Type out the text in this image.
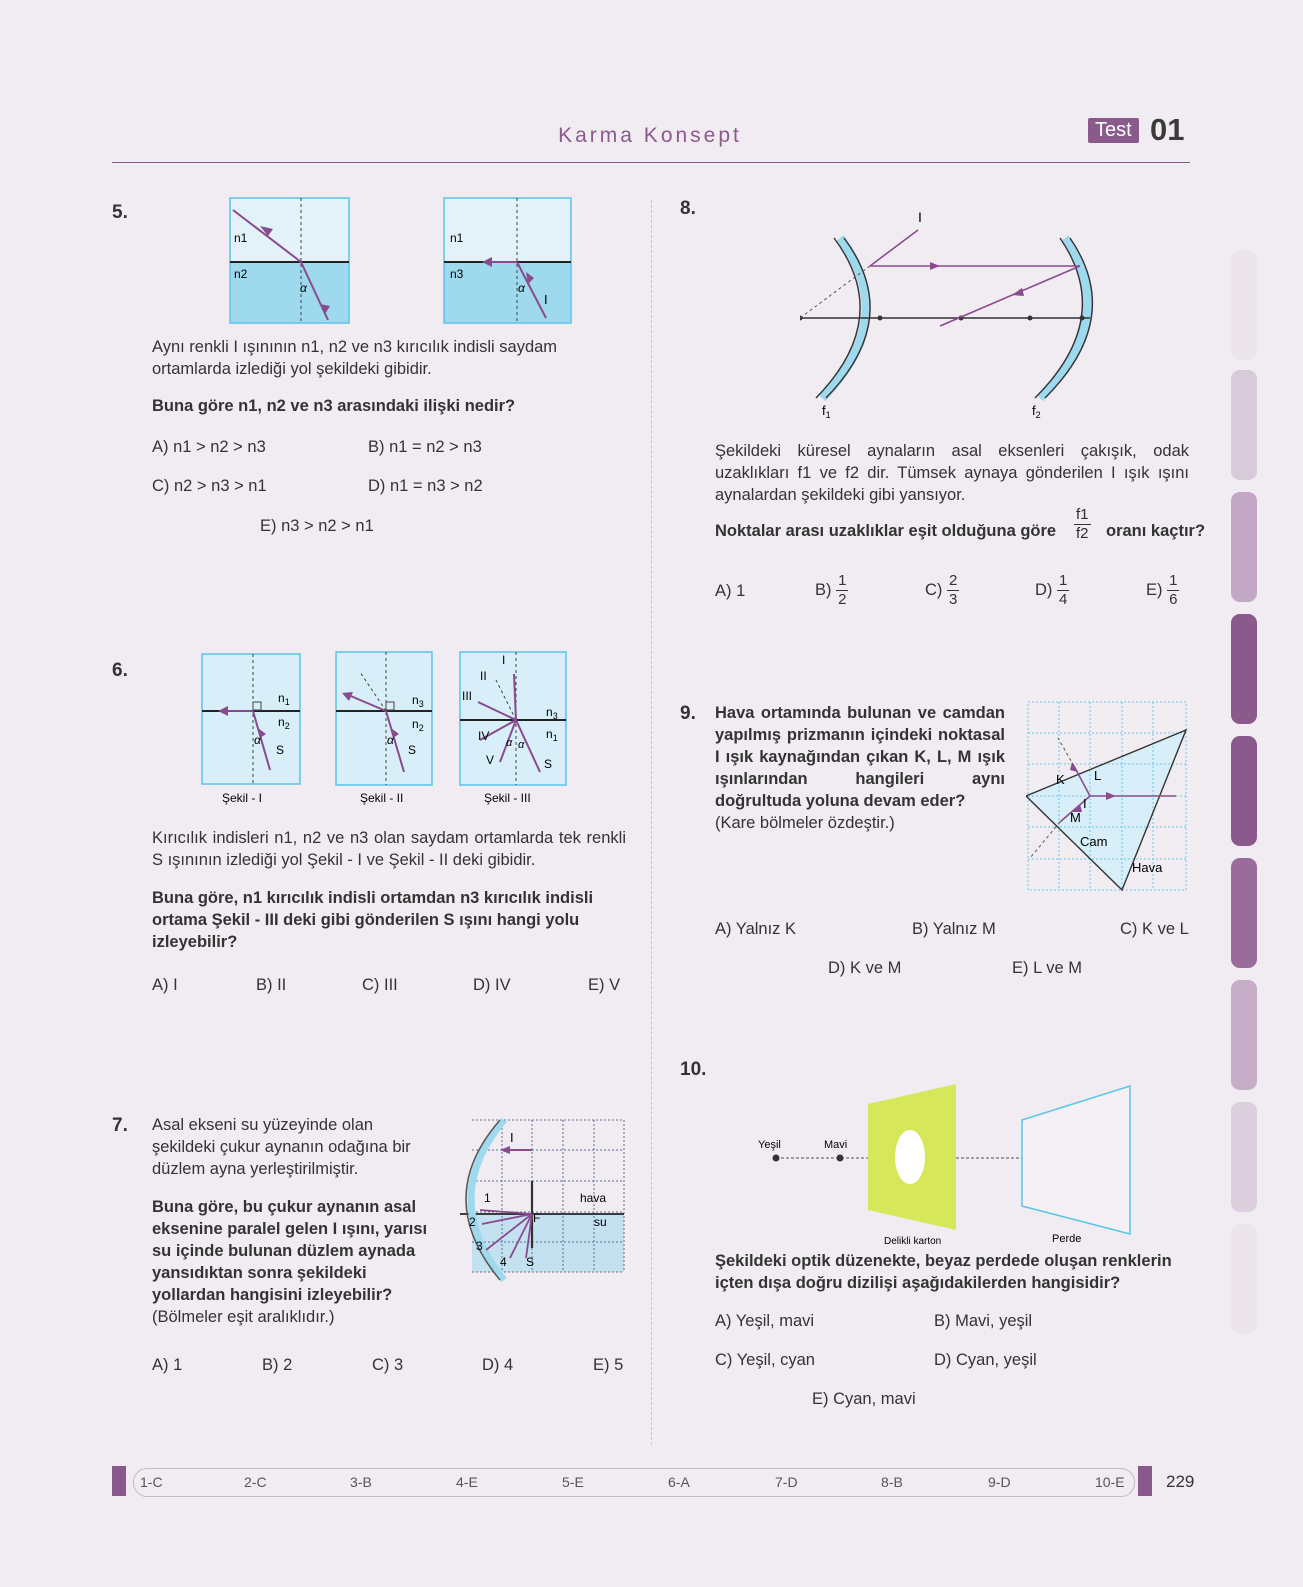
Karma Konsept	Test 01
5.
n1
n2
α
n1
n3
α
I
Aynı renkli I ışınının n1, n2 ve n3 kırıcılık indisli saydam ortamlarda izlediği yol şekildeki gibidir.
Buna göre n1, n2 ve n3 arasındaki ilişki nedir?
A) n1 > n2 > n3	B) n1 = n2 > n3
C) n2 > n3 > n1	D) n1 = n3 > n2
E) n3 > n2 > n1
6.
$n_1$
$n_2$
α
S
Şekil - I
$n_3$
$n_2$
α
S
Şekil - II
I
II
III
IV
V
$n_3$
$n_1$
α α
S
Şekil - III
Kırıcılık indisleri n1, n2 ve n3 olan saydam ortamlarda tek renkli S ışınının izlediği yol Şekil - I ve Şekil - II deki gibidir.
Buna göre, n1 kırıcılık indisli ortamdan n3 kırıcılık indisli ortama Şekil - III deki gibi gönderilen S ışını hangi yolu izleyebilir?
A) I	B) II	C) III	D) IV	E) V
7. Asal ekseni su yüzeyinde olan şekildeki çukur aynanın odağına bir düzlem ayna yerleştirilmiştir.
Buna göre, bu çukur aynanın asal eksenine paralel gelen I ışını, yarısı su içinde bulunan düzlem aynada yansıdıktan sonra şekildeki yollardan hangisini izleyebilir?
(Bölmeler eşit aralıklıdır.)
I
hava
su
F
S
1
2
3
4
A) 1	B) 2	C) 3	D) 4	E) 5
8.	I
$f_1$	$f_2$
Şekildeki küresel aynaların asal eksenleri çakışık, odak uzaklıkları f1 ve f2 dir. Tümsek aynaya gönderilen I ışık ışını aynalardan şekildeki gibi yansıyor.
Noktalar arası uzaklıklar eşit olduğuna göre $\frac{f1}{f2}$ oranı kaçtır?
A) 1	$B) \frac{1}{2}$	$C) \frac{2}{3}$	$D) \frac{1}{4}$	$E) \frac{1}{6}$
9. Hava ortamında bulunan ve camdan yapılmış prizmanın içindeki noktasal I ışık kaynağından çıkan K, L, M ışık ışınlarından hangileri aynı doğrultuda yoluna devam eder?
(Kare bölmeler özdeştir.)
K L
M
I
Cam
Hava
A) Yalnız K	B) Yalnız M	C) K ve L
D) K ve M	E) L ve M
10.
Yeşil	Mavi
Delikli karton	Perde
Şekildeki optik düzenekte, beyaz perdede oluşan renklerin içten dışa doğru dizilişi aşağıdakilerden hangisidir?
A) Yeşil, mavi	B) Mavi, yeşil
C) Yeşil, cyan	D) Cyan, yeşil
E) Cyan, mavi
1-C	2-C	3-B	4-E	5-E	6-A	7-D	8-B	9-D	10-E 229
